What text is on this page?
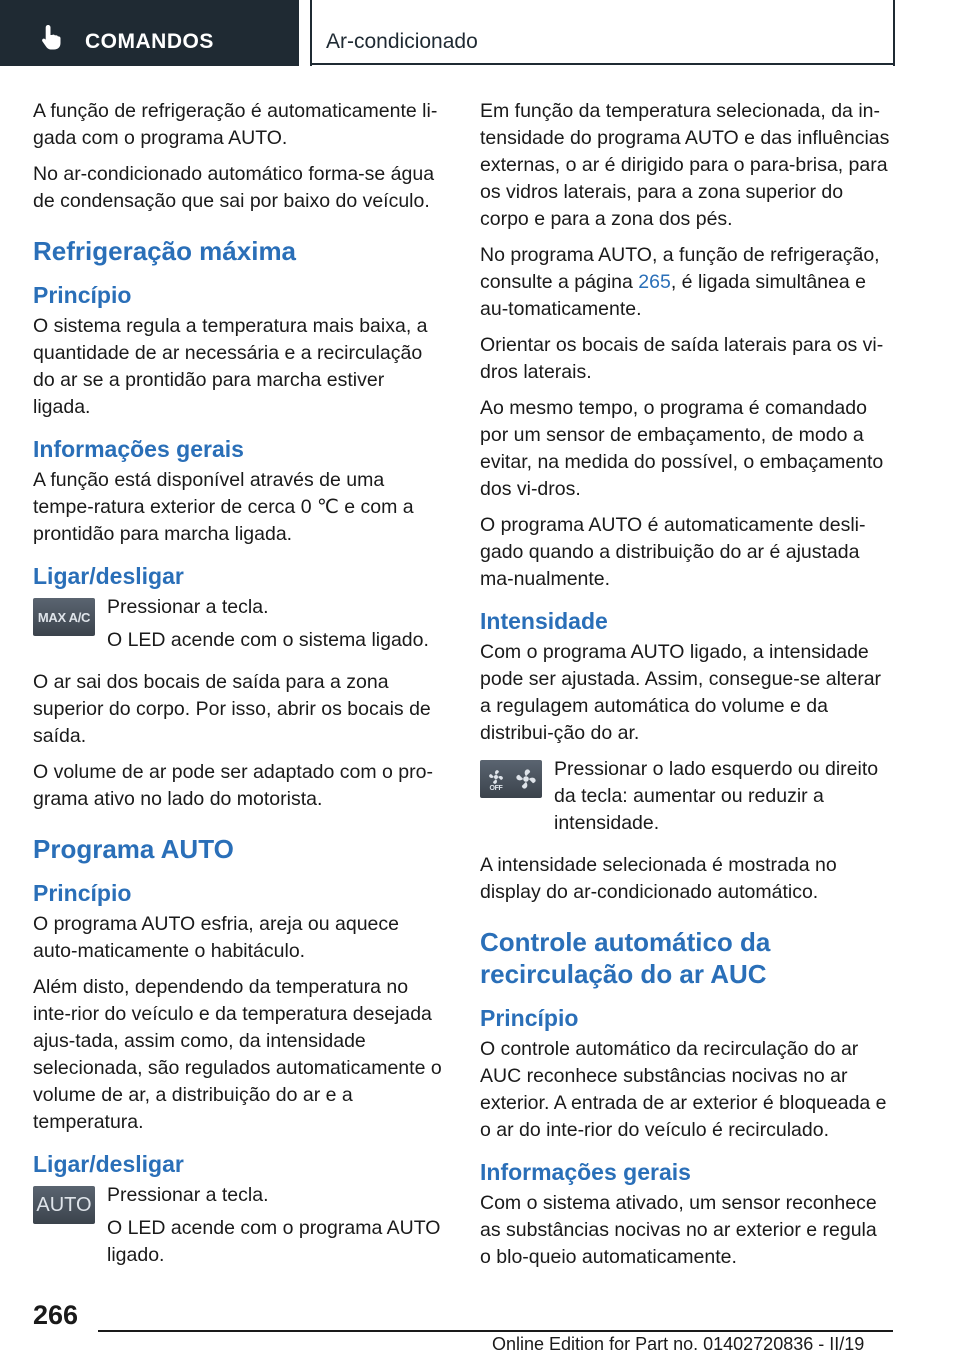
COMANDOS	Ar-condicionado

A função de refrigeração é automaticamente li-gada com o programa AUTO.

No ar-condicionado automático forma-se água de condensação que sai por baixo do veículo.

Refrigeração máxima
Princípio

O sistema regula a temperatura mais baixa, a quantidade de ar necessária e a recirculação do ar se a prontidão para marcha estiver ligada.

Informações gerais

A função está disponível através de uma tempe-ratura exterior de cerca 0 ℃ e com a prontidão para marcha ligada.

Ligar/desligar
MAX A/C Pressionar a tecla.

O LED acende com o sistema ligado.

O ar sai dos bocais de saída para a zona superior do corpo. Por isso, abrir os bocais de saída.

O volume de ar pode ser adaptado com o pro-grama ativo no lado do motorista.

Programa AUTO
Princípio

O programa AUTO esfria, areja ou aquece auto-maticamente o habitáculo.

Além disto, dependendo da temperatura no inte-rior do veículo e da temperatura desejada ajus-tada, assim como, da intensidade selecionada, são regulados automaticamente o volume de ar, a distribuição do ar e a temperatura.

Ligar/desligar
AUTO Pressionar a tecla.

O LED acende com o programa AUTO ligado.

Em função da temperatura selecionada, da in-tensidade do programa AUTO e das influências externas, o ar é dirigido para o para-brisa, para os vidros laterais, para a zona superior do corpo e para a zona dos pés.

No programa AUTO, a função de refrigeração, consulte a página 265, é ligada simultânea e au-tomaticamente.

Orientar os bocais de saída laterais para os vi-dros laterais.

Ao mesmo tempo, o programa é comandado por um sensor de embaçamento, de modo a evitar, na medida do possível, o embaçamento dos vi-dros.

O programa AUTO é automaticamente desli-gado quando a distribuição do ar é ajustada ma-nualmente.

Intensidade

Com o programa AUTO ligado, a intensidade pode ser ajustada. Assim, consegue-se alterar a regulagem automática do volume e da distribui-ção do ar.

OFF

Pressionar o lado esquerdo ou direito da tecla: aumentar ou reduzir a intensidade.

A intensidade selecionada é mostrada no display do ar-condicionado automático.

Controle automático da recirculação do ar AUC
Princípio

O controle automático da recirculação do ar AUC reconhece substâncias nocivas no ar exterior. A entrada de ar exterior é bloqueada e o ar do inte-rior do veículo é recirculado.

Informações gerais

Com o sistema ativado, um sensor reconhece as substâncias nocivas no ar exterior e regula o blo-queio automaticamente.

266
Online Edition for Part no. 01402720836 - II/19
